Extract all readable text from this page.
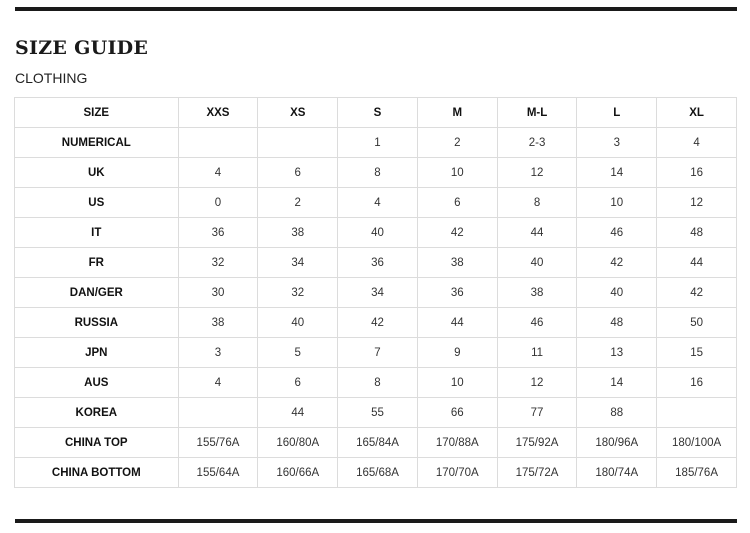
SIZE GUIDE

CLOTHING

SIZE	XXS	XS	S	M	M-L	L	XL
NUMERICAL			1	2	2-3	3	4
UK	4	6	8	10	12	14	16
US	0	2	4	6	8	10	12
IT	36	38	40	42	44	46	48
FR	32	34	36	38	40	42	44
DAN/GER	30	32	34	36	38	40	42
RUSSIA	38	40	42	44	46	48	50
JPN	3	5	7	9	11	13	15
AUS	4	6	8	10	12	14	16
KOREA		44	55	66	77	88	
CHINA TOP	155/76A	160/80A	165/84A	170/88A	175/92A	180/96A	180/100A
CHINA BOTTOM	155/64A	160/66A	165/68A	170/70A	175/72A	180/74A	185/76A
